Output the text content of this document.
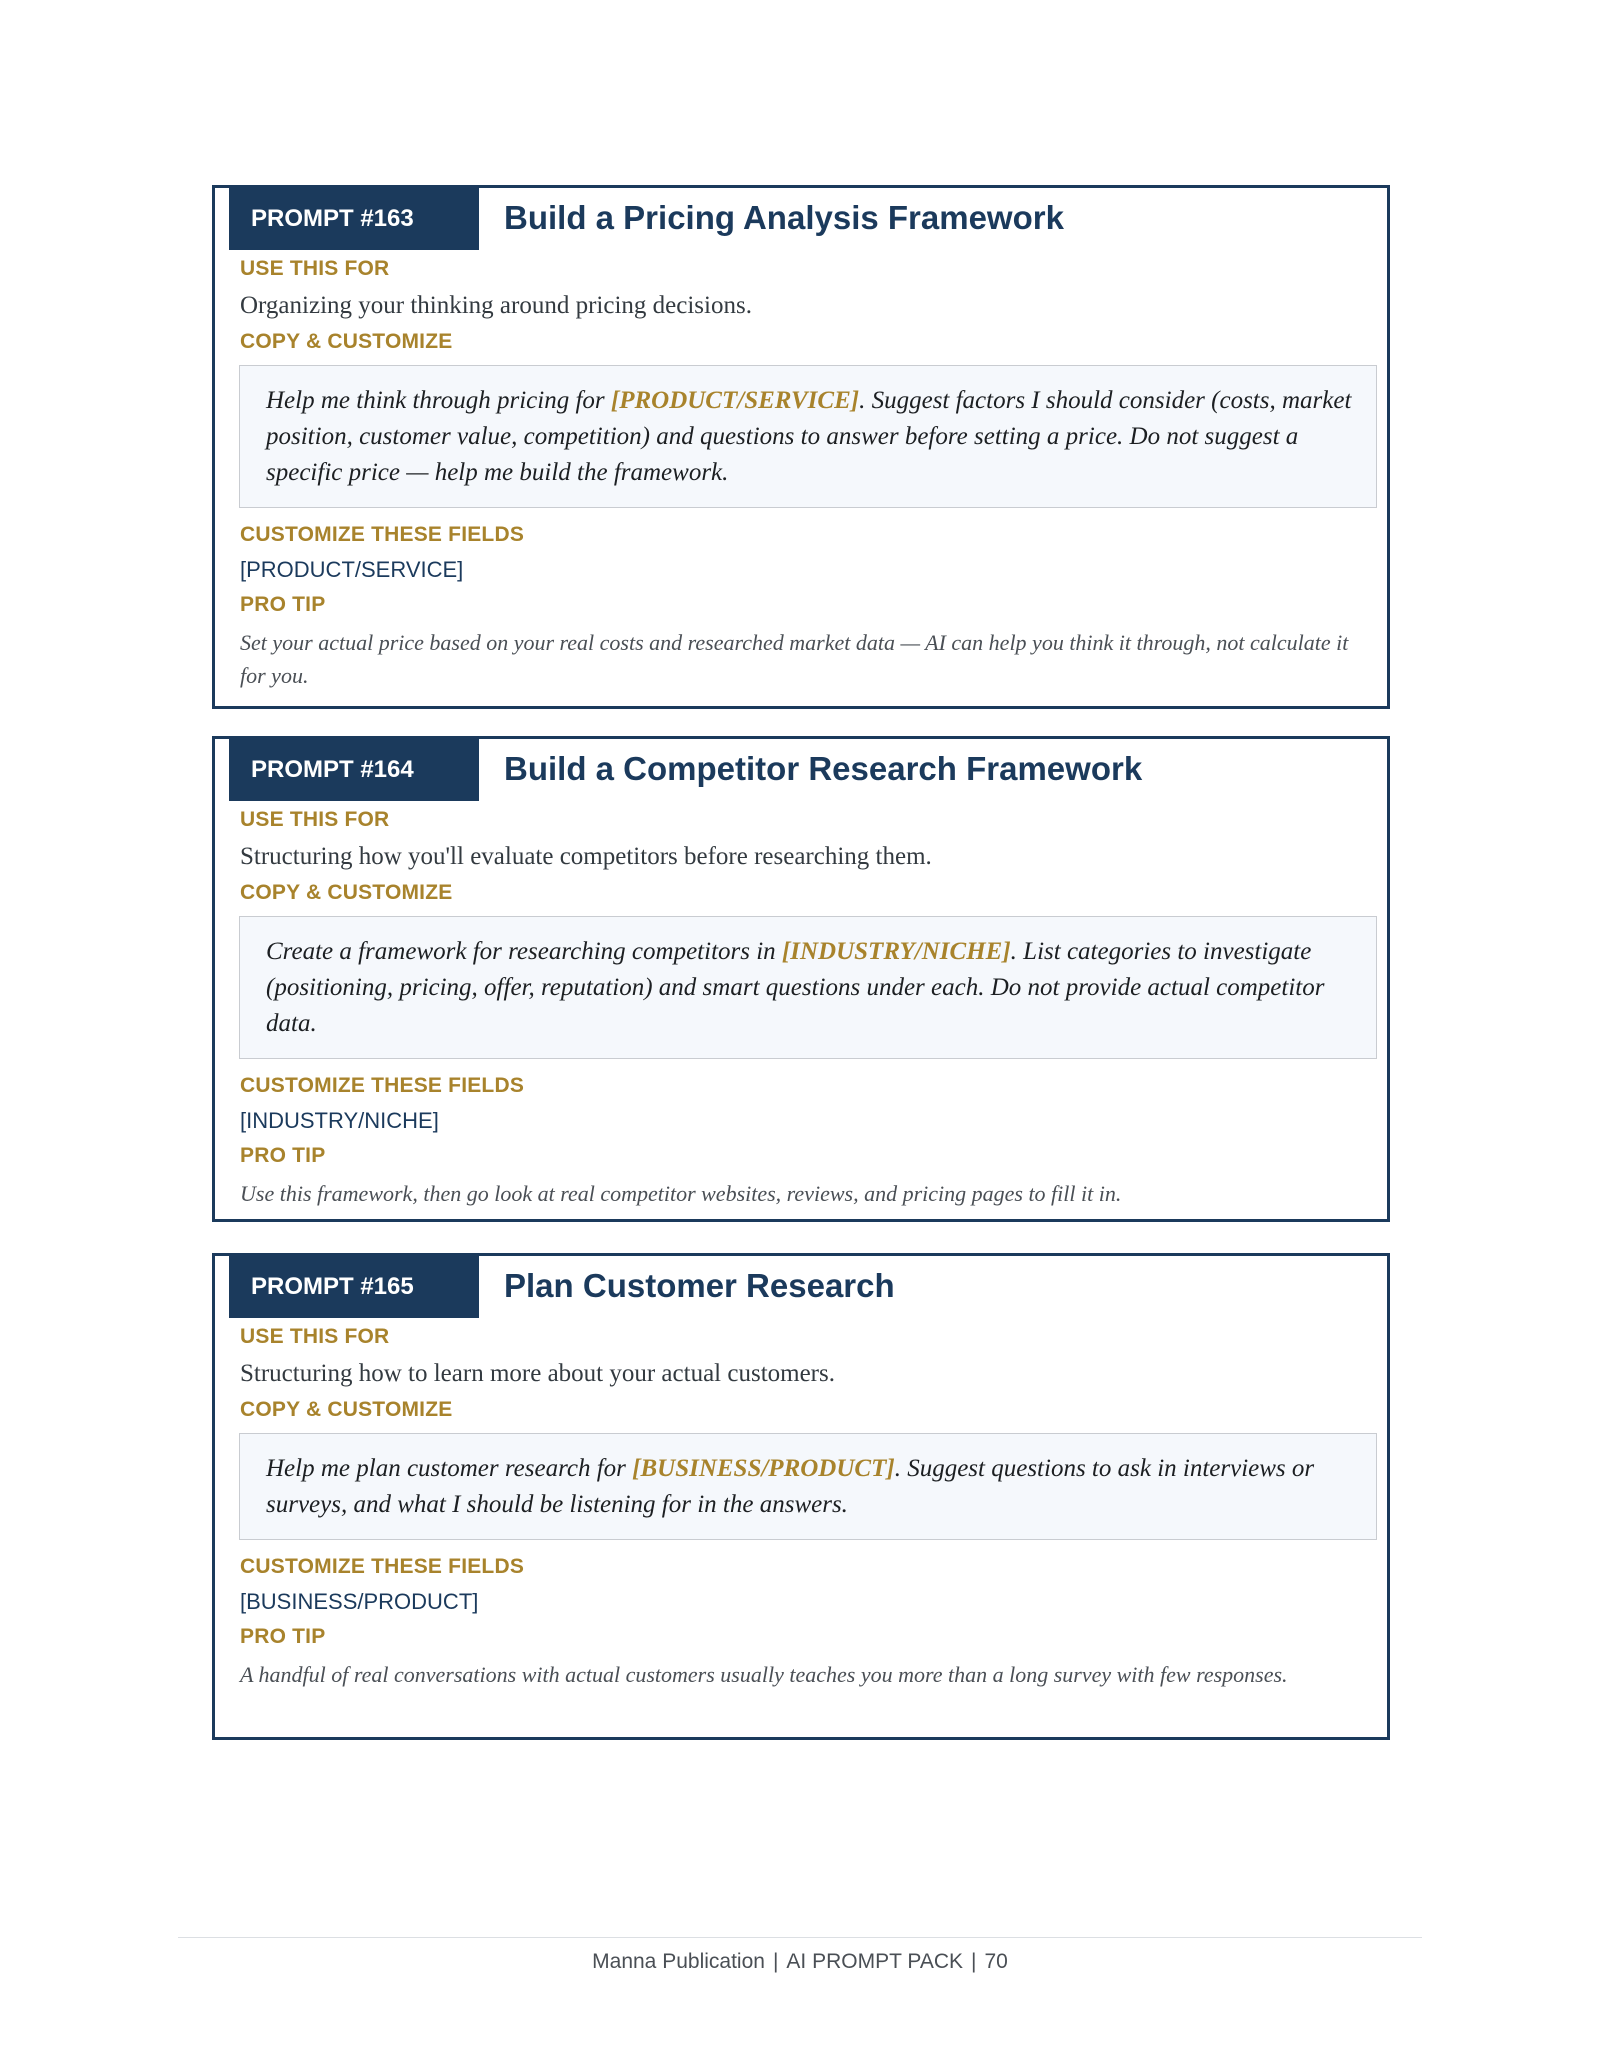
PROMPT #163	Build a Pricing Analysis Framework
USE THIS FOR
Organizing your thinking around pricing decisions.
COPY & CUSTOMIZE
Help me think through pricing for [PRODUCT/SERVICE]. Suggest factors I should consider (costs, market position, customer value, competition) and questions to answer before setting a price. Do not suggest a specific price — help me build the framework.
CUSTOMIZE THESE FIELDS
[PRODUCT/SERVICE]
PRO TIP
Set your actual price based on your real costs and researched market data — AI can help you think it through, not calculate it for you.
PROMPT #164	Build a Competitor Research Framework
USE THIS FOR
Structuring how you'll evaluate competitors before researching them.
COPY & CUSTOMIZE
Create a framework for researching competitors in [INDUSTRY/NICHE]. List categories to investigate (positioning, pricing, offer, reputation) and smart questions under each. Do not provide actual competitor data.
CUSTOMIZE THESE FIELDS
[INDUSTRY/NICHE]
PRO TIP
Use this framework, then go look at real competitor websites, reviews, and pricing pages to fill it in.
PROMPT #165	Plan Customer Research
USE THIS FOR
Structuring how to learn more about your actual customers.
COPY & CUSTOMIZE
Help me plan customer research for [BUSINESS/PRODUCT]. Suggest questions to ask in interviews or surveys, and what I should be listening for in the answers.
CUSTOMIZE THESE FIELDS
[BUSINESS/PRODUCT]
PRO TIP
A handful of real conversations with actual customers usually teaches you more than a long survey with few responses.
Manna Publication | AI PROMPT PACK | 70
